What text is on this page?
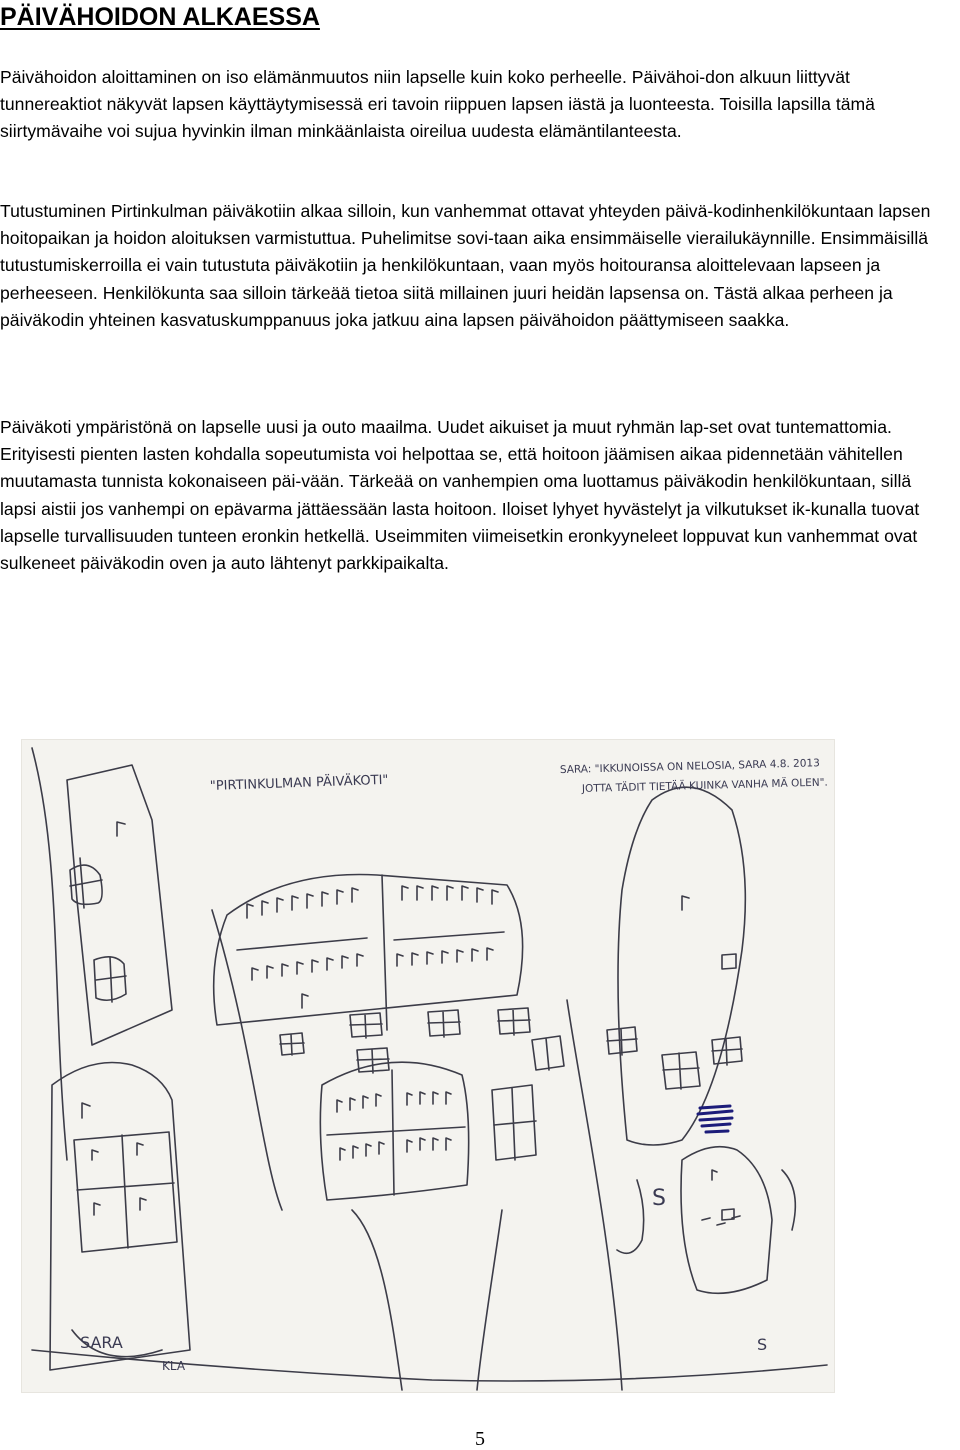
PÄIVÄHOIDON ALKAESSA

Päivähoidon aloittaminen on iso elämänmuutos niin lapselle kuin koko perheelle. Päivähoi-don alkuun liittyvät tunnereaktiot näkyvät lapsen käyttäytymisessä eri tavoin riippuen lapsen iästä ja luonteesta. Toisilla lapsilla tämä siirtymävaihe voi sujua hyvinkin ilman minkäänlaista oireilua uudesta elämäntilanteesta.

Tutustuminen Pirtinkulman päiväkotiin alkaa silloin, kun vanhemmat ottavat yhteyden päivä-kodinhenkilökuntaan lapsen hoitopaikan ja hoidon aloituksen varmistuttua. Puhelimitse sovi-taan aika ensimmäiselle vierailukäynnille. Ensimmäisillä tutustumiskerroilla ei vain tutustuta päiväkotiin ja henkilökuntaan, vaan myös hoitouransa aloittelevaan lapseen ja perheeseen. Henkilökunta saa silloin tärkeää tietoa siitä millainen juuri heidän lapsensa on. Tästä alkaa perheen ja päiväkodin yhteinen kasvatuskumppanuus joka jatkuu aina lapsen päivähoidon päättymiseen saakka.

Päiväkoti ympäristönä on lapselle uusi ja outo maailma. Uudet aikuiset ja muut ryhmän lap-set ovat tuntemattomia. Erityisesti pienten lasten kohdalla sopeutumista voi helpottaa se, että hoitoon jäämisen aikaa pidennetään vähitellen muutamasta tunnista kokonaiseen päi-vään. Tärkeää on vanhempien oma luottamus päiväkodin henkilökuntaan, sillä lapsi aistii jos vanhempi on epävarma jättäessään lasta hoitoon. Iloiset lyhyet hyvästelyt ja vilkutukset ik-kunalla tuovat lapselle turvallisuuden tunteen eronkin hetkellä. Useimmiten viimeisetkin eronkyyneleet loppuvat kun vanhemmat ovat sulkeneet päiväkodin oven ja auto lähtenyt parkkipaikalta.

"PIRTINKULMAN PÄIVÄKOTI"
SARA: "IKKUNOISSA ON NELOSIA, SARA 4.8. 2013
JOTTA TÄDIT TIETÄÄ KUINKA VANHA MÄ OLEN".
SARA
KLA
S
S
5
